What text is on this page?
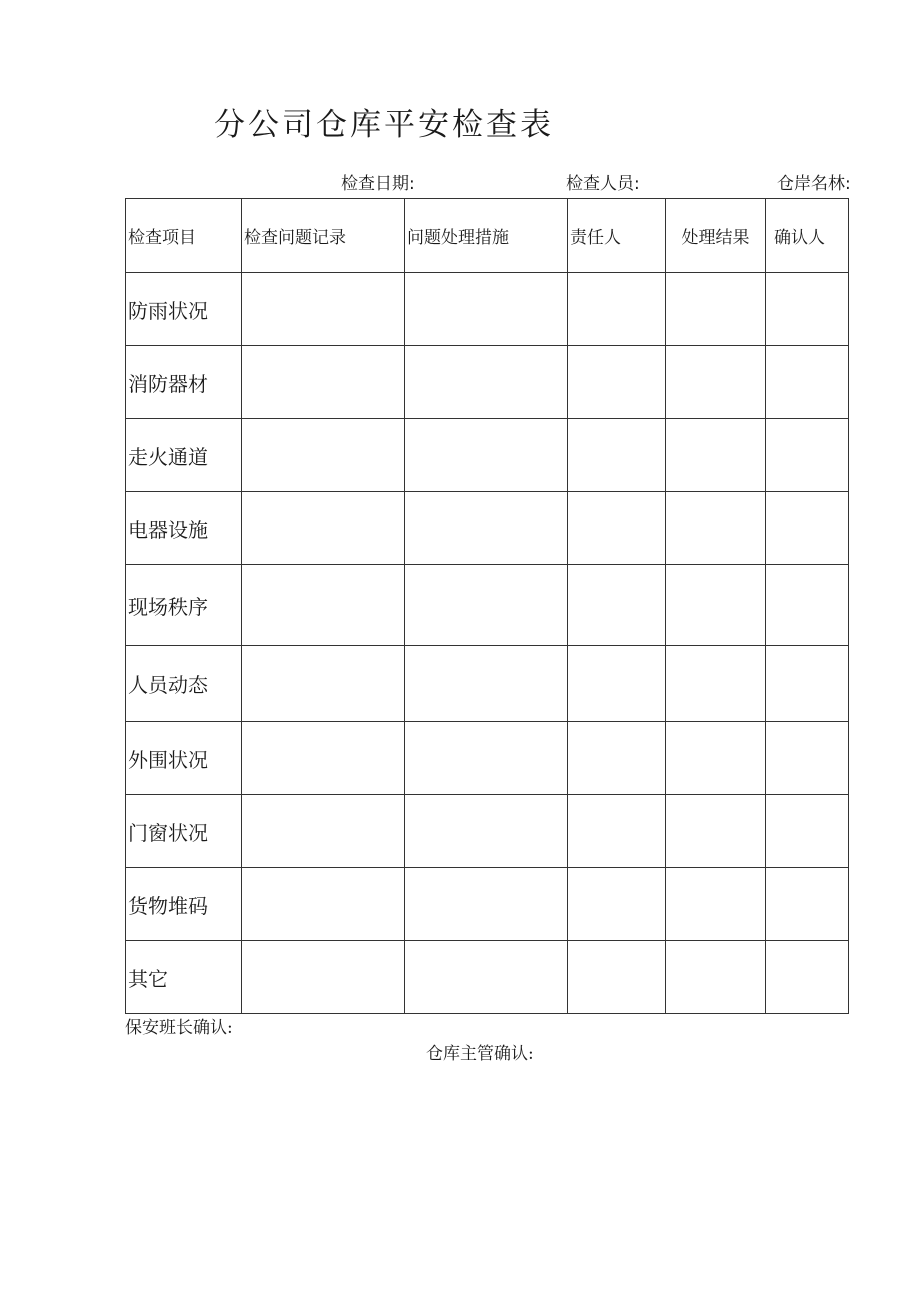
分公司仓库平安检查表
检查日期:	检查人员:	仓岸名林:
检查项目	检查问题记录	问题处理措施	责任人	处理结果	确认人
防雨状况					
消防器材					
走火通道					
电器设施					
现场秩序					
人员动态					
外围状况					
门窗状况					
货物堆码					
其它					
保安班长确认:
仓库主管确认:
